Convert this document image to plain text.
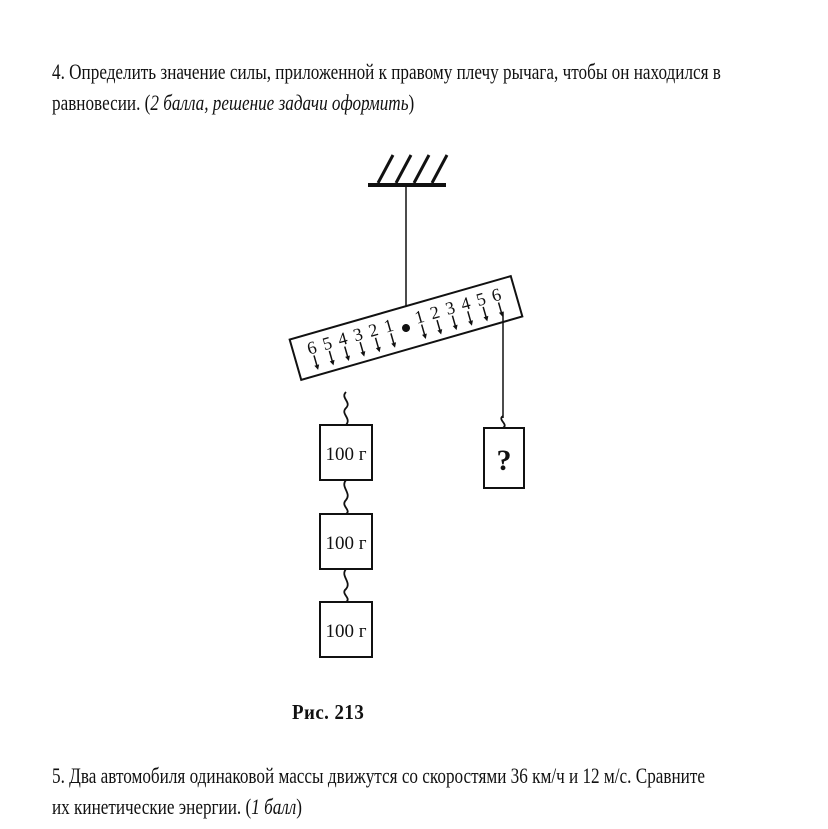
4. Определить значение силы, приложенной к правому плечу рычага, чтобы он находился в

равновесии. (2 балла, решение задачи оформить)

6 5 4 3 2 1 1 2 3 4 5 6
100 г
100 г
100 г
?
Рис. 213

5. Два автомобиля одинаковой массы движутся со скоростями 36 км/ч и 12 м/с. Сравните

их кинетические энергии. (1 балл)
